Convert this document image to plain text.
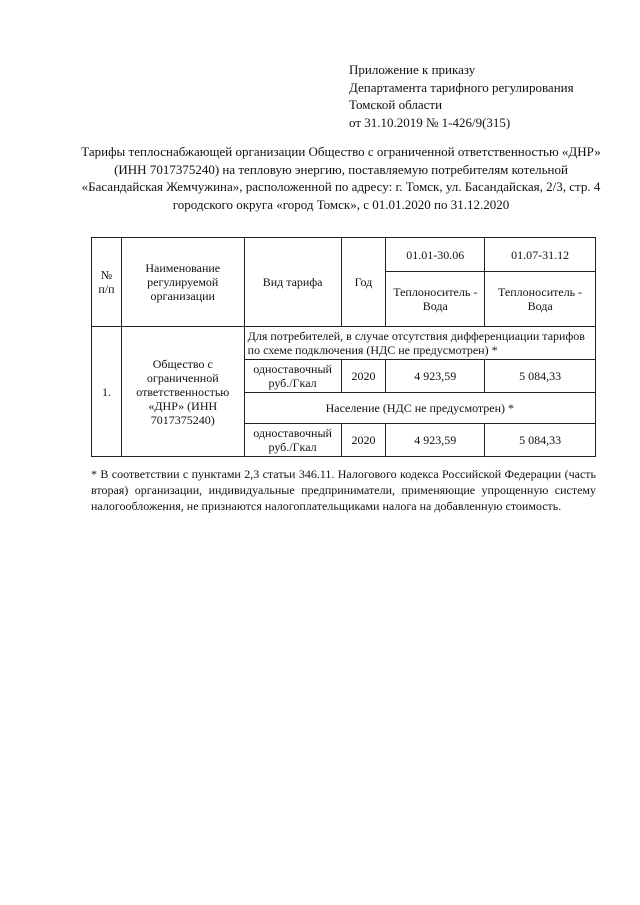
Приложение к приказу
Департамента тарифного регулирования
Томской области
от 31.10.2019 № 1-426/9(315)
Тарифы теплоснабжающей организации Общество с ограниченной ответственностью «ДНР» (ИНН 7017375240) на тепловую энергию, поставляемую потребителям котельной «Басандайская Жемчужина», расположенной по адресу: г. Томск, ул. Басандайская, 2/3, стр. 4 городского округа «город Томск», с 01.01.2020 по 31.12.2020
№ п/п	Наименование регулируемой организации	Вид тарифа	Год	01.01-30.06	01.07-31.12
				Теплоноситель - Вода	Теплоноситель - Вода
1.	Общество с ограниченной ответственностью «ДНР» (ИНН 7017375240)	Для потребителей, в случае отсутствия дифференциации тарифов по схеме подключения (НДС не предусмотрен) *			
		одноставочный руб./Гкал	2020	4 923,59	5 084,33
		Население (НДС не предусмотрен) *			
		одноставочный руб./Гкал	2020	4 923,59	5 084,33
* В соответствии с пунктами 2,3 статьи 346.11. Налогового кодекса Российской Федерации (часть вторая) организации, индивидуальные предприниматели, применяющие упрощенную систему налогообложения, не признаются налогоплательщиками налога на добавленную стоимость.
